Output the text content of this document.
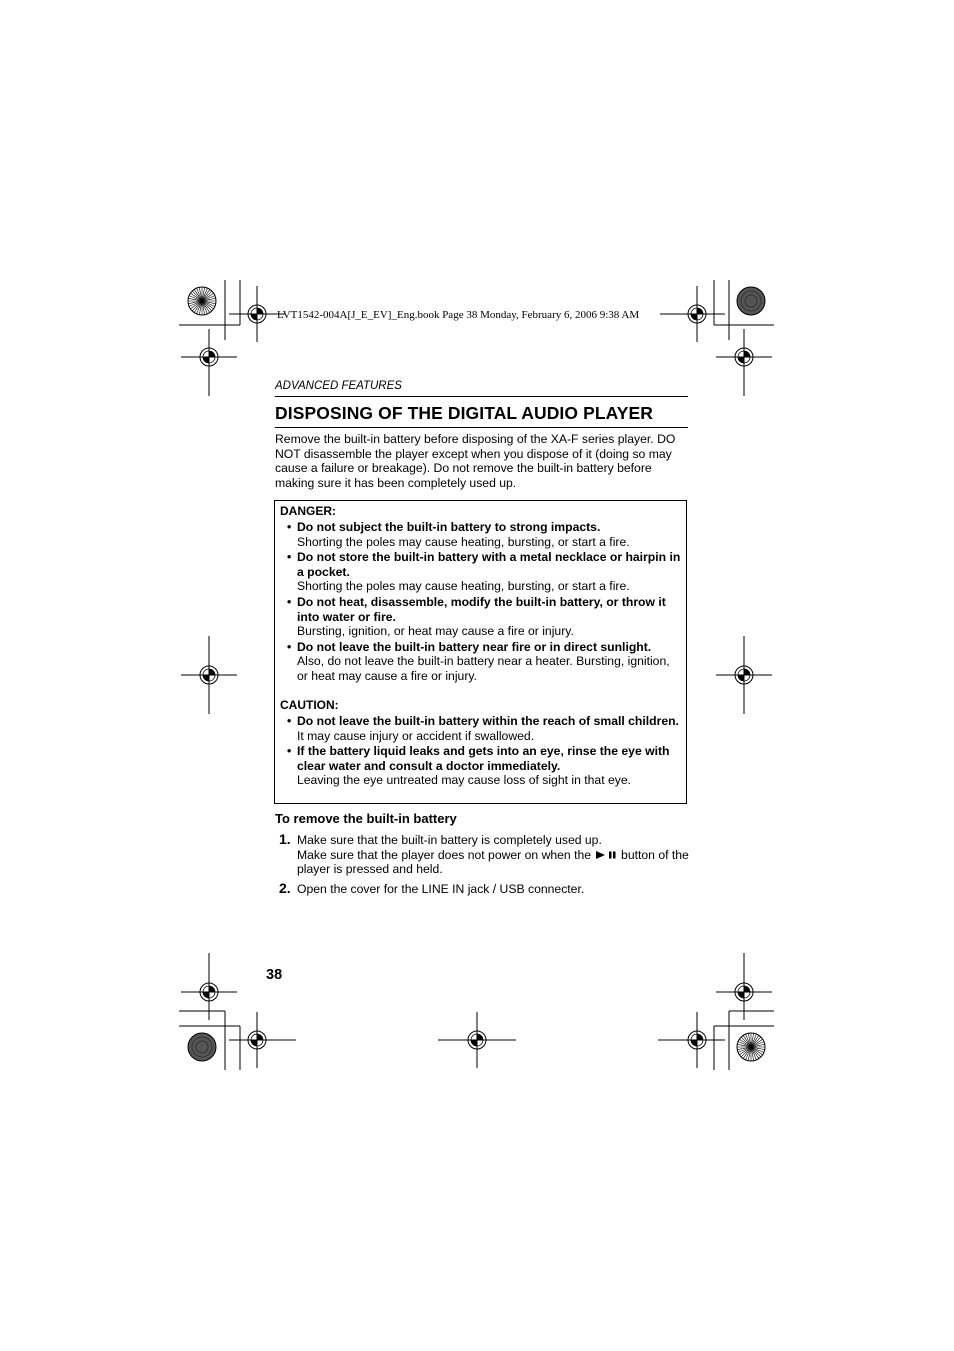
LVT1542-004A[J_E_EV]_Eng.book Page 38 Monday, February 6, 2006 9:38 AM
ADVANCED FEATURES
DISPOSING OF THE DIGITAL AUDIO PLAYER

Remove the built-in battery before disposing of the XA-F series player. DO NOT disassemble the player except when you dispose of it (doing so may cause a failure or breakage). Do not remove the built-in battery before making sure it has been completely used up.

DANGER:
• Do not subject the built-in battery to strong impacts.
Shorting the poles may cause heating, bursting, or start a fire.
• Do not store the built-in battery with a metal necklace or hairpin in a pocket.
Shorting the poles may cause heating, bursting, or start a fire.
• Do not heat, disassemble, modify the built-in battery, or throw it into water or fire.
Bursting, ignition, or heat may cause a fire or injury.
• Do not leave the built-in battery near fire or in direct sunlight.
Also, do not leave the built-in battery near a heater. Bursting, ignition, or heat may cause a fire or injury.
CAUTION:
• Do not leave the built-in battery within the reach of small children.
It may cause injury or accident if swallowed.
• If the battery liquid leaks and gets into an eye, rinse the eye with clear water and consult a doctor immediately.
Leaving the eye untreated may cause loss of sight in that eye.
To remove the built-in battery
1. Make sure that the built-in battery is completely used up.
Make sure that the player does not power on when the button of the player is pressed and held.
2. Open the cover for the LINE IN jack / USB connecter.
38
